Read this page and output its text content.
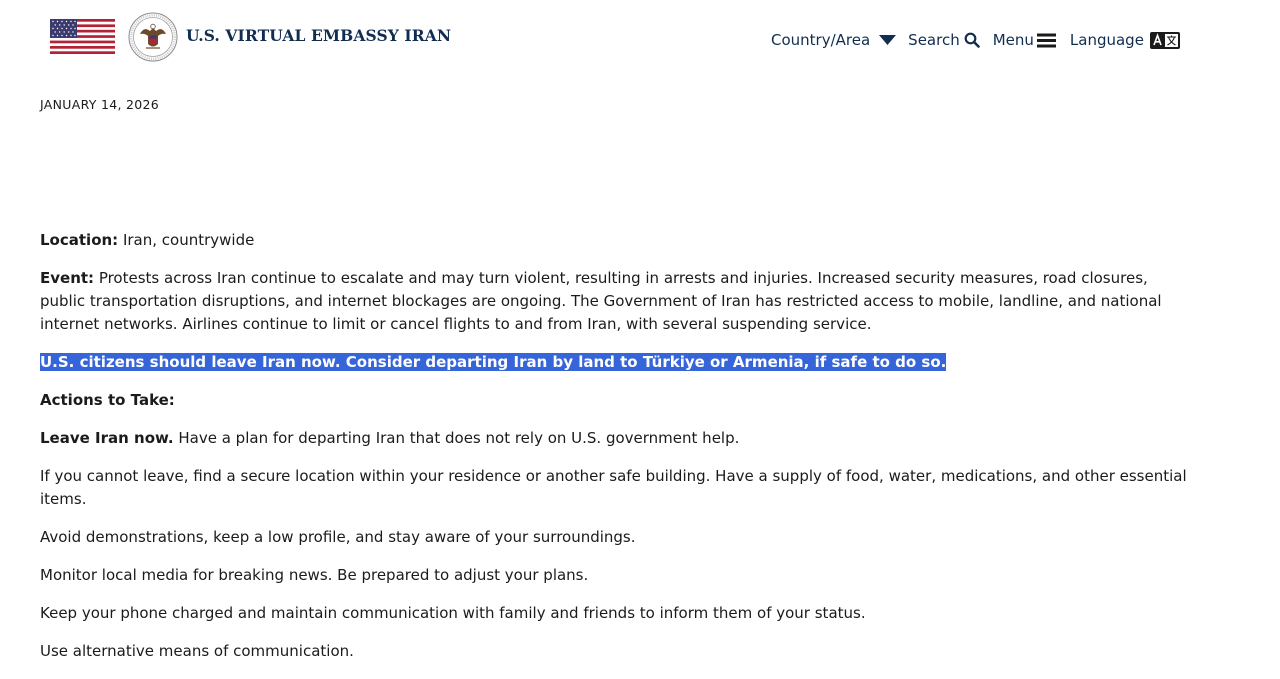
U.S. VIRTUAL EMBASSY IRAN	Country/Area	Search Menu Language
JANUARY 14, 2026

Location: Iran, countrywide

Event: Protests across Iran continue to escalate and may turn violent, resulting in arrests and injuries. Increased security measures, road closures, public transportation disruptions, and internet blockages are ongoing. The Government of Iran has restricted access to mobile, landline, and national internet networks. Airlines continue to limit or cancel flights to and from Iran, with several suspending service.

U.S. citizens should leave Iran now. Consider departing Iran by land to Türkiye or Armenia, if safe to do so.

Actions to Take:

Leave Iran now. Have a plan for departing Iran that does not rely on U.S. government help.

If you cannot leave, find a secure location within your residence or another safe building. Have a supply of food, water, medications, and other essential items.

Avoid demonstrations, keep a low profile, and stay aware of your surroundings.

Monitor local media for breaking news. Be prepared to adjust your plans.

Keep your phone charged and maintain communication with family and friends to inform them of your status.

Use alternative means of communication.
